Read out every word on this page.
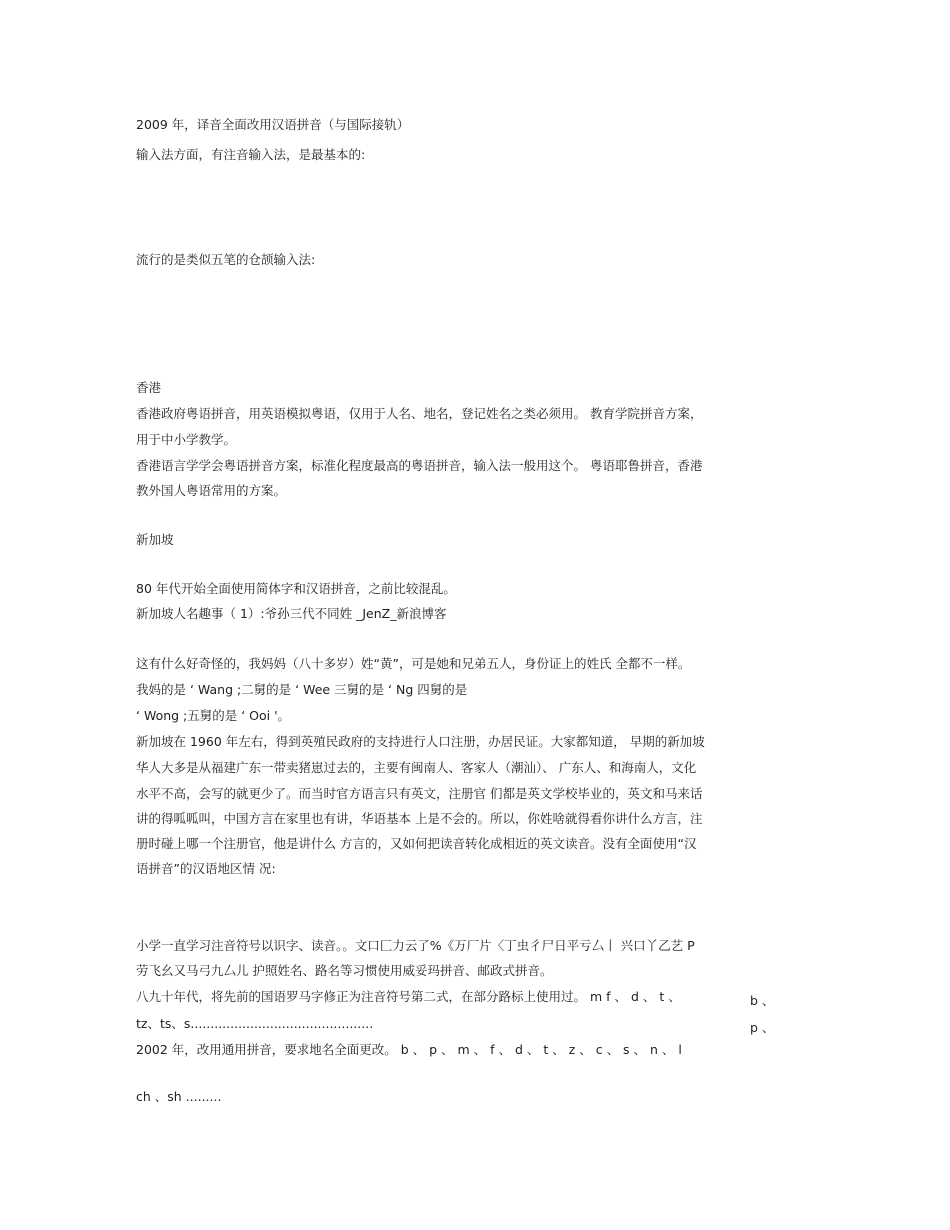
2009 年，译音全面改用汉语拼音（与国际接轨）
输入法方面，有注音输入法，是最基本的:
流行的是类似五笔的仓颉输入法:
香港
香港政府粤语拼音，用英语模拟粤语，仅用于人名、地名，登记姓名之类必须用。 教育学院拼音方案，
用于中小学教学。
香港语言学学会粤语拼音方案，标准化程度最高的粤语拼音，输入法一般用这个。 粤语耶鲁拼音，香港
教外国人粤语常用的方案。
新加坡
80 年代开始全面使用简体字和汉语拼音，之前比较混乱。
新加坡人名趣事（ 1）:爷孙三代不同姓 _JenZ_新浪博客
这有什么好奇怪的，我妈妈（八十多岁）姓“黄”，可是她和兄弟五人，身份证上的姓氏 全都不一样。
我妈的是 ‘ Wang ;二舅的是 ‘ Wee 三舅的是 ‘ Ng 四舅的是
‘ Wong ;五舅的是 ‘ Ooi '。
新加坡在 1960 年左右，得到英殖民政府的支持进行人口注册，办居民证。大家都知道， 早期的新加坡
华人大多是从福建广东一带卖猪崽过去的，主要有闽南人、客家人（潮汕）、 广东人、和海南人，文化
水平不高，会写的就更少了。而当时官方语言只有英文，注册官 们都是英文学校毕业的，英文和马来话
讲的得呱呱叫，中国方言在家里也有讲，华语基本 上是不会的。所以，你姓啥就得看你讲什么方言，注
册时碰上哪一个注册官，他是讲什么 方言的，又如何把读音转化成相近的英文读音。没有全面使用“汉
语拼音”的汉语地区情 况:
小学一直学习注音符号以识字、读音。。文口匚力云了%《万厂片〈丁虫彳尸日平亏厶丨 兴口丫乙艺 P
劳飞幺又马弓九厶儿 护照姓名、路名等习惯使用威妥玛拼音、邮政式拼音。
八九十年代，将先前的国语罗马字修正为注音符号第二式，在部分路标上使用过。 m f 、 d 、 t 、	b 、
tz、ts、s..............................................	p 、
2002 年，改用通用拼音，要求地名全面更改。 b 、 p 、 m 、 f 、 d 、 t 、 z 、 c 、 s 、 n 、 l
ch 、sh .........
